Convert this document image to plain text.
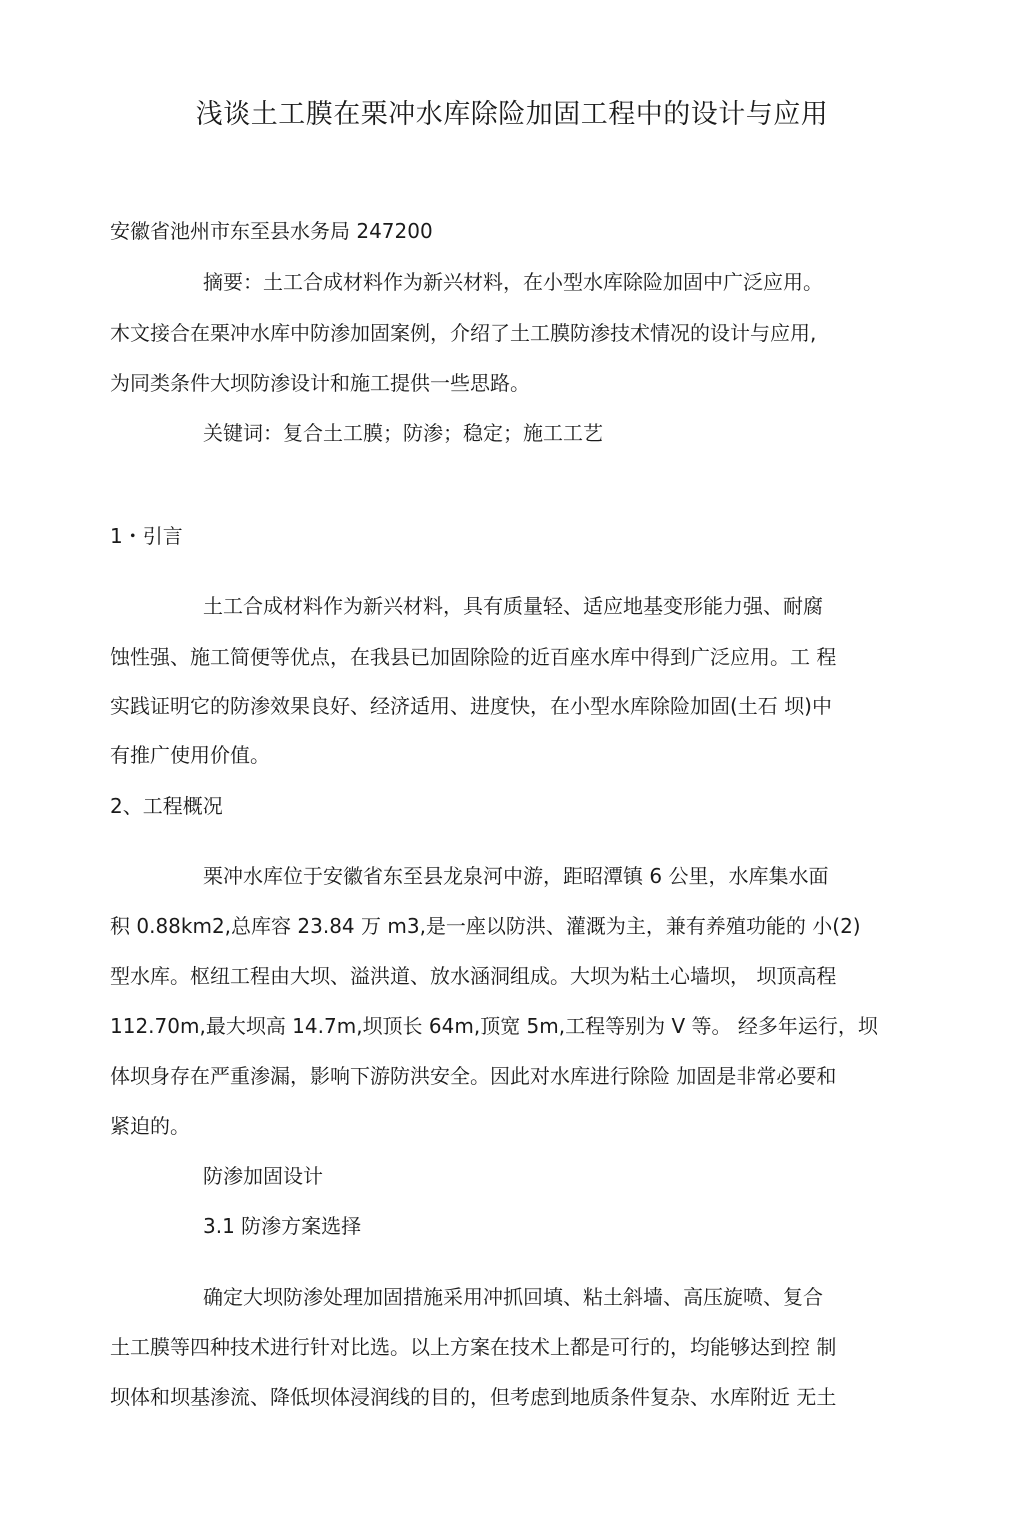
浅谈土工膜在栗冲水库除险加固工程中的设计与应用
安徽省池州市东至县水务局 247200
摘要：土工合成材料作为新兴材料，在小型水库除险加固中广泛应用。
木文接合在栗冲水库中防渗加固案例，介绍了土工膜防渗技术情况的设计与应用,
为同类条件大坝防渗设计和施工提供一些思路。
关键词：复合土工膜；防渗；稳定；施工工艺
1・引言
土工合成材料作为新兴材料，具有质量轻、适应地基变形能力强、耐腐
蚀性强、施工简便等优点，在我县已加固除险的近百座水库中得到广泛应用。工 程
实践证明它的防渗效果良好、经济适用、进度快，在小型水库除险加固(土石 坝)中
有推广使用价值。
2、工程概况
栗冲水库位于安徽省东至县龙泉河中游，距昭潭镇 6 公里，水库集水面
积 0.88km2,总库容 23.84 万 m3,是一座以防洪、灌溉为主，兼有养殖功能的 小(2)
型水库。枢纽工程由大坝、溢洪道、放水涵洞组成。大坝为粘土心墙坝， 坝顶高程
112.70m,最大坝高 14.7m,坝顶长 64m,顶宽 5m,工程等别为 V 等。 经多年运行，坝
体坝身存在严重渗漏，影响下游防洪安全。因此对水库进行除险 加固是非常必要和
紧迫的。
防渗加固设计
3.1 防渗方案选择
确定大坝防渗处理加固措施采用冲抓回填、粘土斜墙、高压旋喷、复合
土工膜等四种技术进行针对比选。以上方案在技术上都是可行的，均能够达到控 制
坝体和坝基渗流、降低坝体浸润线的目的，但考虑到地质条件复杂、水库附近 无土
